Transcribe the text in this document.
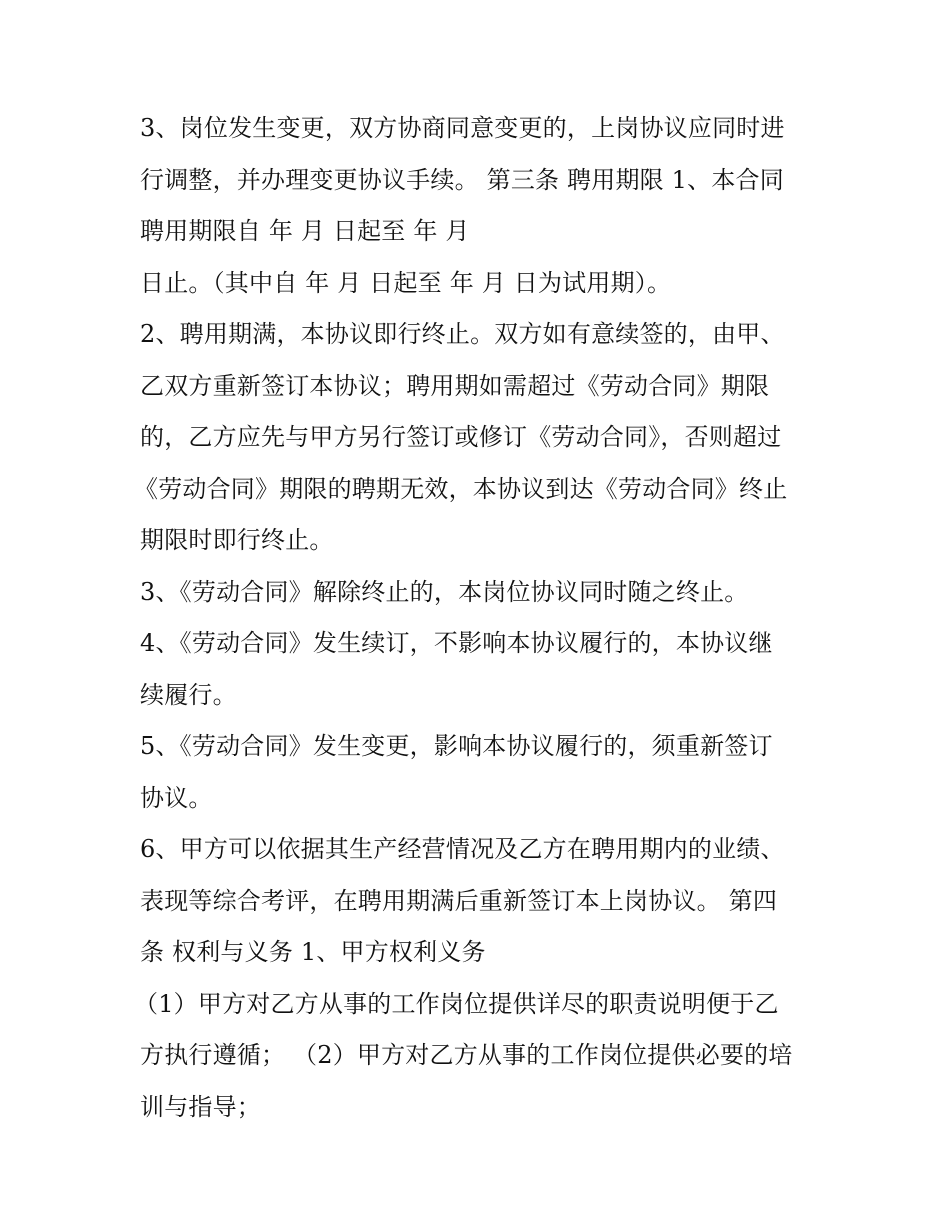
3、岗位发生变更，双方协商同意变更的，上岗协议应同时进
行调整，并办理变更协议手续。 第三条 聘用期限 1、本合同
聘用期限自 年 月 日起至 年 月
日止。（其中自 年 月 日起至 年 月 日为试用期）。
2、聘用期满，本协议即行终止。双方如有意续签的，由甲、
乙双方重新签订本协议；聘用期如需超过《劳动合同》期限
的，乙方应先与甲方另行签订或修订《劳动合同》，否则超过
《劳动合同》期限的聘期无效，本协议到达《劳动合同》终止
期限时即行终止。
3、《劳动合同》解除终止的，本岗位协议同时随之终止。
4、《劳动合同》发生续订，不影响本协议履行的，本协议继
续履行。
5、《劳动合同》发生变更，影响本协议履行的，须重新签订
协议。
6、甲方可以依据其生产经营情况及乙方在聘用期内的业绩、
表现等综合考评，在聘用期满后重新签订本上岗协议。 第四
条 权利与义务 1、甲方权利义务
（1）甲方对乙方从事的工作岗位提供详尽的职责说明便于乙
方执行遵循； （2）甲方对乙方从事的工作岗位提供必要的培
训与指导；
